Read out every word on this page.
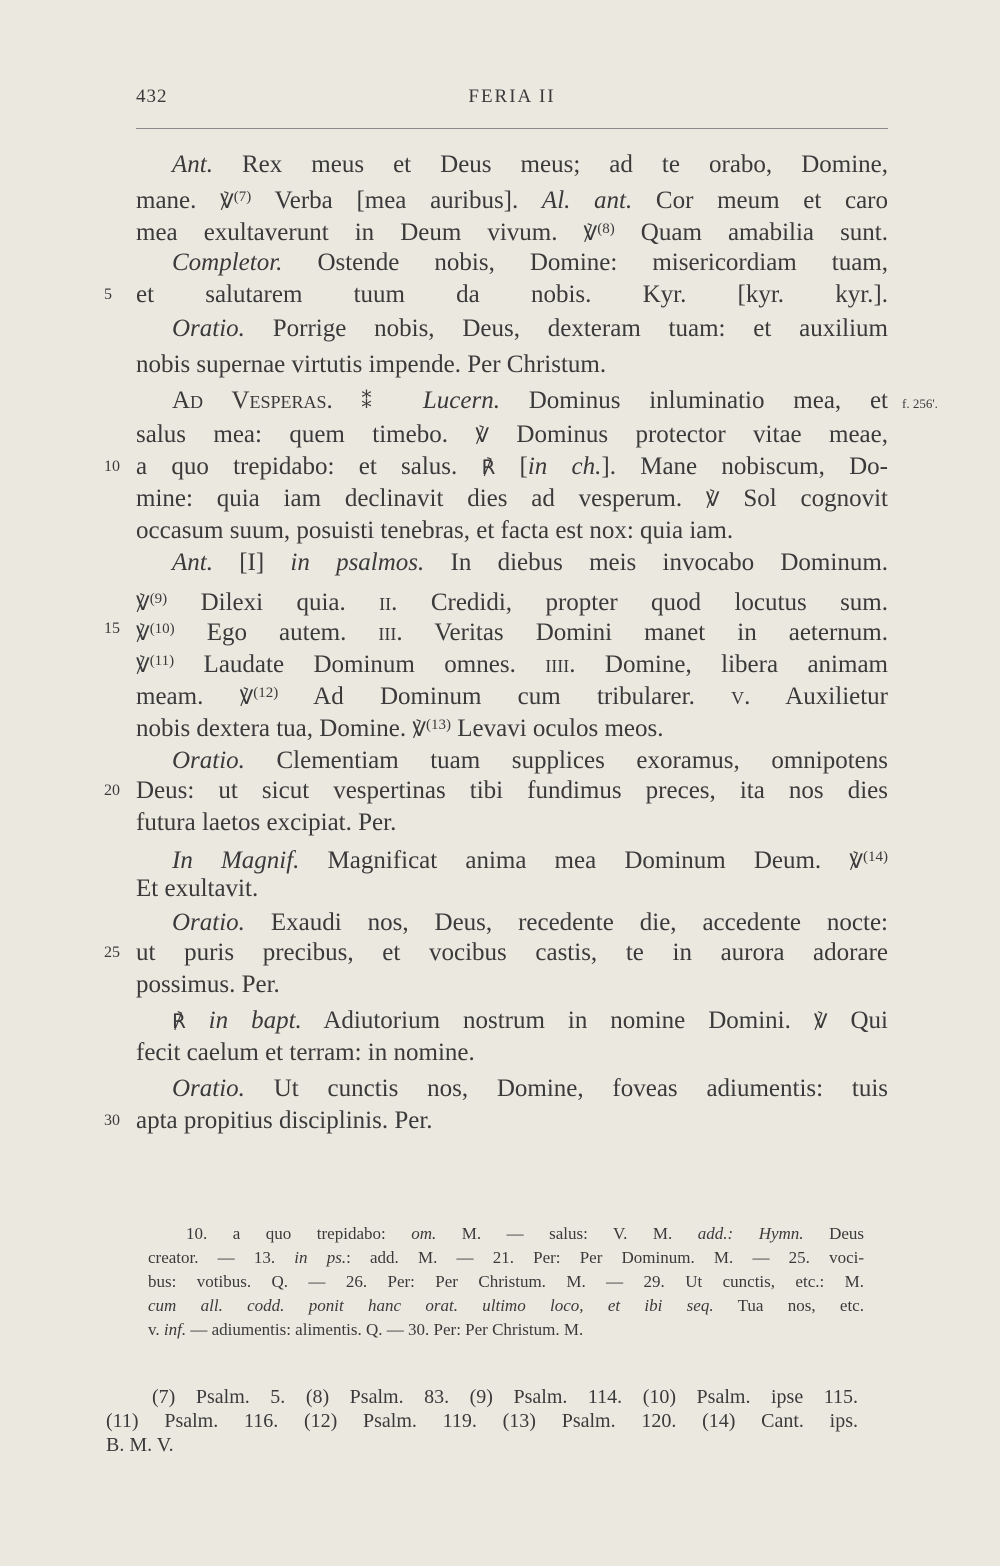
432	FERIA II
Ant. Rex meus et Deus meus; ad te orabo, Domine,
mane. ℣$^{(7)}$ Verba [mea auribus]. Al. ant. Cor meum et caro
mea exultaverunt in Deum vivum. ℣$^{(8)}$ Quam amabilia sunt.
Completor. Ostende nobis, Domine: misericordiam tuam,
et salutarem tuum da nobis. Kyr. [kyr. kyr.].
5
Oratio. Porrige nobis, Deus, dexteram tuam: et auxilium
nobis supernae virtutis impende. Per Christum.
Ad Vesperas. ⁑ Lucern. Dominus inluminatio mea, et f. 256'.
salus mea: quem timebo. ℣ Dominus protector vitae meae,
a quo trepidabo: et salus. ℟ [in ch.]. Mane nobiscum, Do-
10
mine: quia iam declinavit dies ad vesperum. ℣ Sol cognovit
occasum suum, posuisti tenebras, et facta est nox: quia iam.
Ant. [I] in psalmos. In diebus meis invocabo Dominum.
℣$^{(9)}$ Dilexi quia. ii. Credidi, propter quod locutus sum.
℣$^{(10)}$ Ego autem. iii. Veritas Domini manet in aeternum.
15
℣$^{(11)}$ Laudate Dominum omnes. iiii. Domine, libera animam
meam. ℣$^{(12)}$ Ad Dominum cum tribularer. v. Auxilietur
nobis dextera tua, Domine. ℣$^{(13)}$ Levavi oculos meos.
Oratio. Clementiam tuam supplices exoramus, omnipotens
Deus: ut sicut vespertinas tibi fundimus preces, ita nos dies
20
futura laetos excipiat. Per.
In Magnif. Magnificat anima mea Dominum Deum. ℣$^{(14)}$
Et exultavit.
Oratio. Exaudi nos, Deus, recedente die, accedente nocte:
ut puris precibus, et vocibus castis, te in aurora adorare
25
possimus. Per.
℟ in bapt. Adiutorium nostrum in nomine Domini. ℣ Qui
fecit caelum et terram: in nomine.
Oratio. Ut cunctis nos, Domine, foveas adiumentis: tuis
apta propitius disciplinis. Per.
30
10. a quo trepidabo: om. M. — salus: V. M. add.: Hymn. Deus
creator. — 13. in ps.: add. M. — 21. Per: Per Dominum. M. — 25. voci-
bus: votibus. Q. — 26. Per: Per Christum. M. — 29. Ut cunctis, etc.: M.
cum all. codd. ponit hanc orat. ultimo loco, et ibi seq. Tua nos, etc.
v. inf. — adiumentis: alimentis. Q. — 30. Per: Per Christum. M.
(7) Psalm. 5. (8) Psalm. 83. (9) Psalm. 114. (10) Psalm. ipse 115.
(11) Psalm. 116. (12) Psalm. 119. (13) Psalm. 120. (14) Cant. ips.
B. M. V.
